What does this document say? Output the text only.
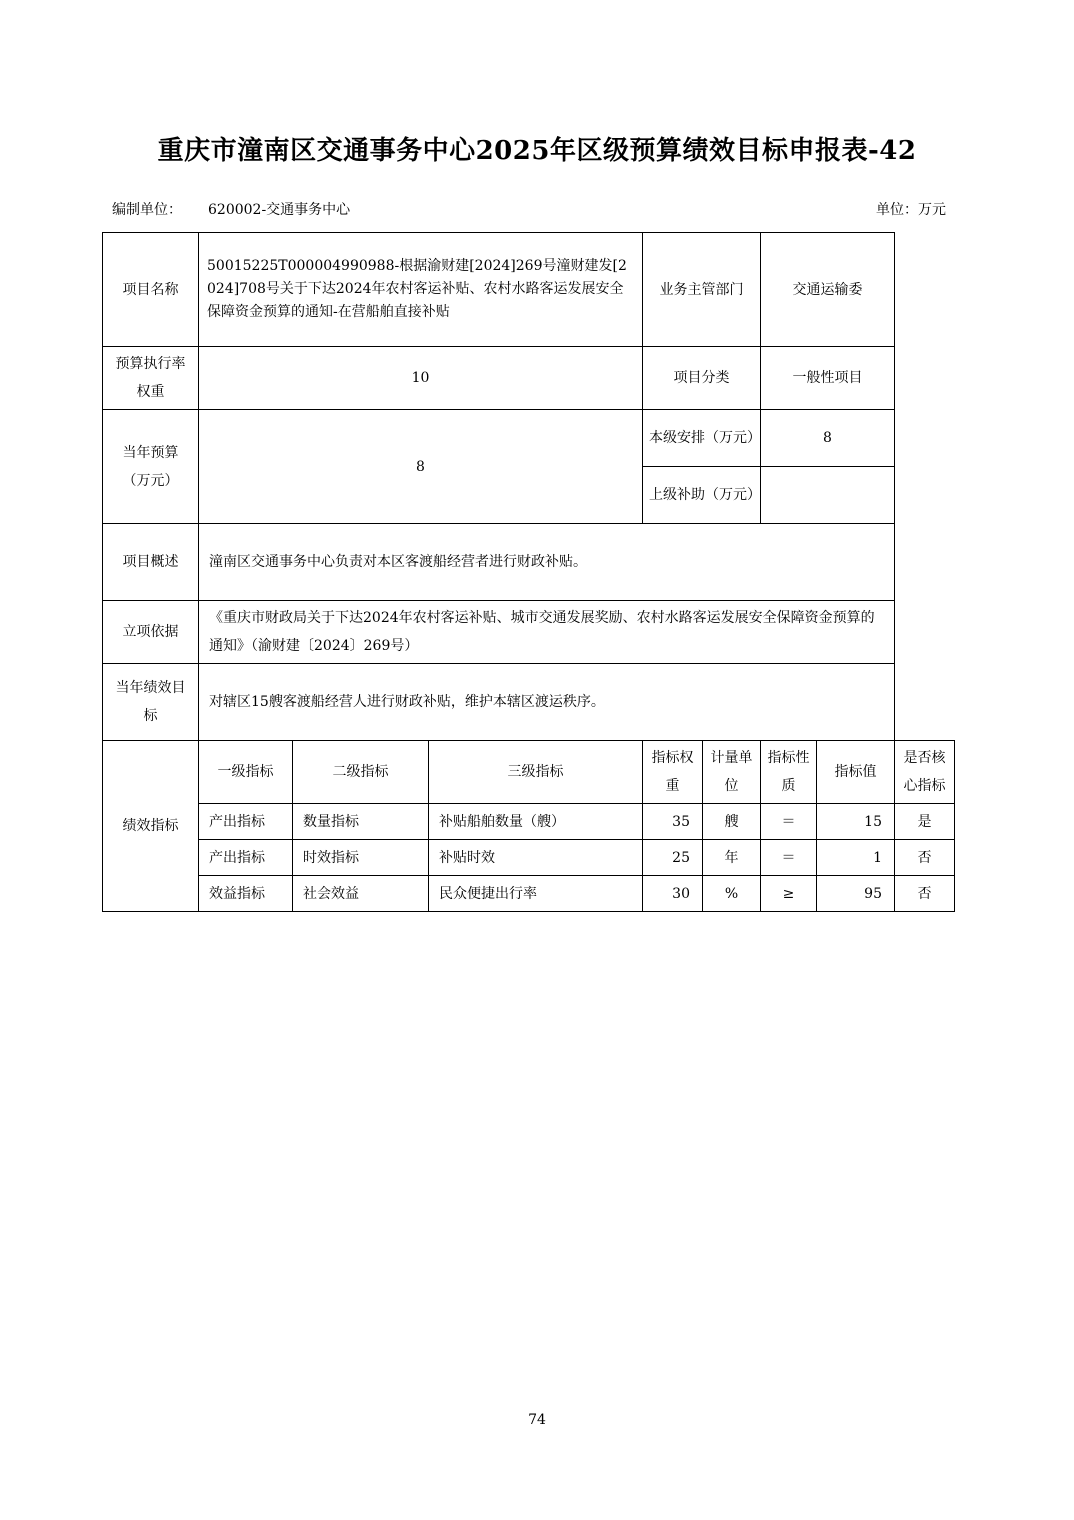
重庆市潼南区交通事务中心2025年区级预算绩效目标申报表-42
编制单位： 620002-交通事务中心	单位：万元
项目名称	50015225T000004990988-根据渝财建[2024]269号潼财建发[2024]708号关于下达2024年农村客运补贴、农村水路客运发展安全保障资金预算的通知-在营船舶直接补贴			业务主管部门		交通运输委		
预算执行率权重	10			项目分类		一般性项目		
当年预算（万元）	8			本级安排（万元）		8		
				上级补助（万元）				
项目概述	潼南区交通事务中心负责对本区客渡船经营者进行财政补贴。							
立项依据	《重庆市财政局关于下达2024年农村客运补贴、城市交通发展奖励、农村水路客运发展安全保障资金预算的通知》（渝财建〔2024〕269号）							
当年绩效目标	对辖区15艘客渡船经营人进行财政补贴，维护本辖区渡运秩序。							
绩效指标	一级指标	二级指标	三级指标	指标权重	计量单位	指标性质	指标值	是否核心指标
	产出指标	数量指标	补贴船舶数量（艘）	35	艘	＝	15	是
	产出指标	时效指标	补贴时效	25	年	＝	1	否
	效益指标	社会效益	民众便捷出行率	30	%	≥	95	否
74
